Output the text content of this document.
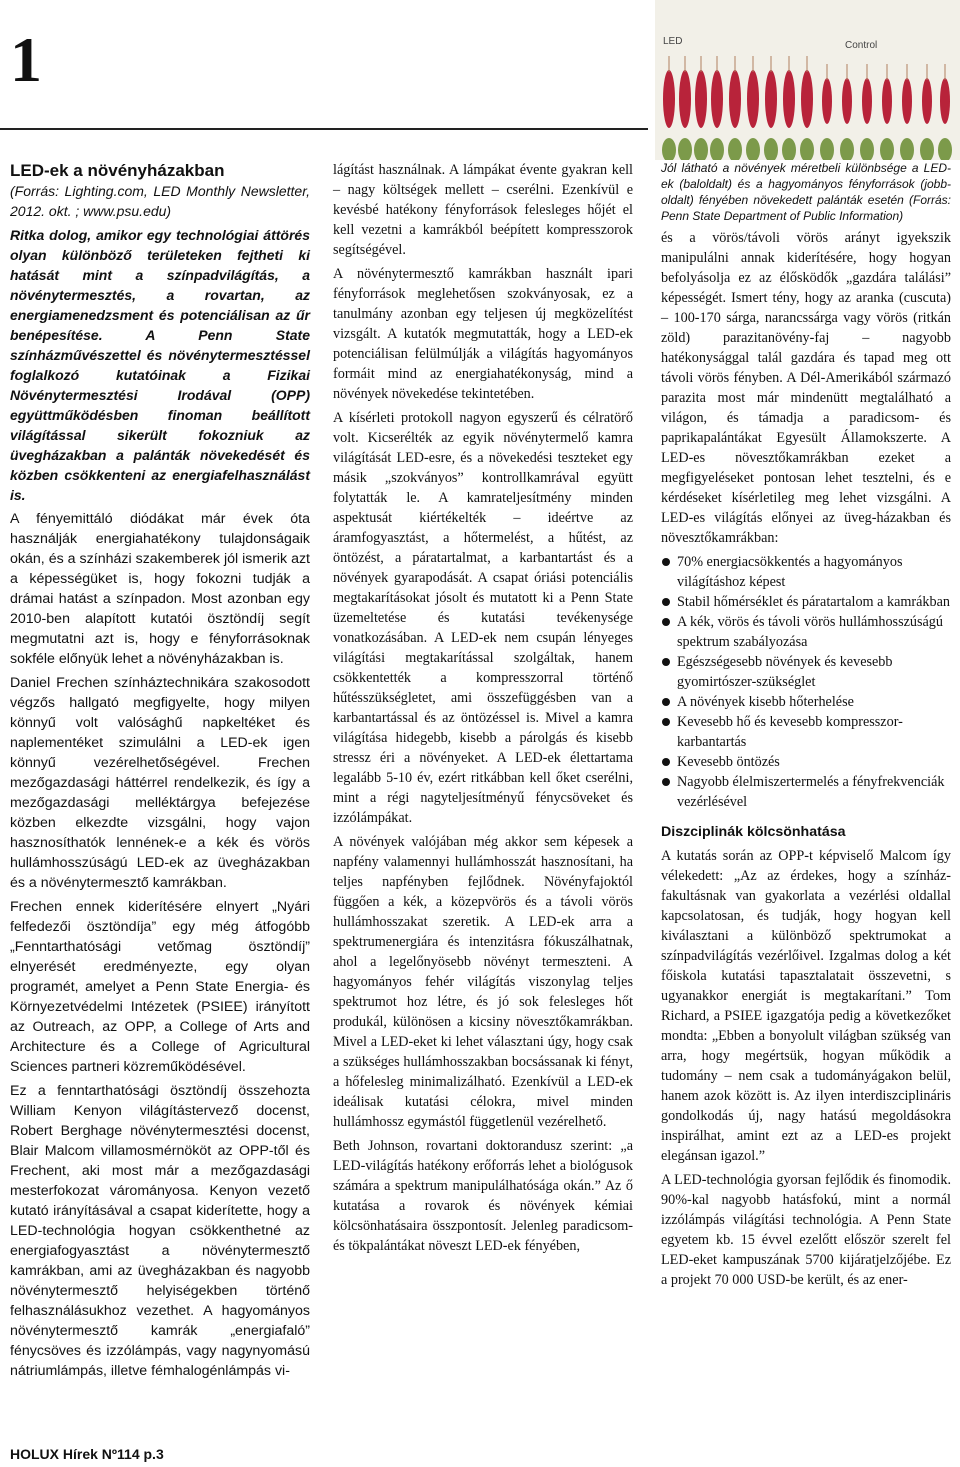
1	LED	Control
LED-ek a növényházakban

(Forrás: Lighting.com, LED Monthly Newsletter, 2012. okt. ; www.psu.edu)

Ritka dolog, amikor egy technológiai áttörés olyan különböző területeken fejtheti ki hatását mint a színpadvilágítás, a növénytermesztés, a rovartan, az energiamenedzsment és potenciálisan az űr benépesítése. A Penn State színházművészettel és növénytermesztéssel foglalkozó kutatóinak a Fizikai Növénytermesztési Irodával (OPP) együttműködésben finoman beállított világítással sikerült fokozniuk az üvegházakban a palánták növekedését és közben csökkenteni az energiafelhasználást is.

A fényemittáló diódákat már évek óta használják energiahatékony tulajdonságaik okán, és a színházi szakemberek jól ismerik azt a képességüket is, hogy fokozni tudják a drámai hatást a színpadon. Most azonban egy 2010-ben alapított kutatói ösztöndíj segít megmutatni azt is, hogy e fényforrásoknak sokféle előnyük lehet a növényházakban is.

Daniel Frechen színháztechnikára szakosodott végzős hallgató megfigyelte, hogy milyen könnyű volt valósághű napkeltéket és naplementéket szimulálni a LED-ek igen könnyű vezérelhetőségével. Frechen mezőgazdasági háttérrel rendelkezik, és így a mezőgazdasági melléktárgya befejezése közben elkezdte vizsgálni, hogy vajon hasznosíthatók lennének-e a kék és vörös hullámhosszúságú LED-ek az üvegházakban és a növénytermesztő kamrákban.

Frechen ennek kiderítésére elnyert „Nyári felfedezői ösztöndíja” egy még átfogóbb „Fenntarthatósági vetőmag ösztöndíj” elnyerését eredményezte, egy olyan programét, amelyet a Penn State Energia- és Környezetvédelmi Intézetek (PSIEE) irányított az Outreach, az OPP, a College of Arts and Architecture és a College of Agricultural Sciences partneri közreműködésével.

Ez a fenntarthatósági ösztöndíj összehozta William Kenyon világítástervező docenst, Robert Berghage növénytermesztési docenst, Blair Malcom villamosmérnököt az OPP-től és Frechent, aki most már a mezőgazdasági mesterfokozat várományosa. Kenyon vezető kutató irányításával a csapat kiderítette, hogy a LED-technológia hogyan csökkenthetné az energiafogyasztást a növénytermesztő kamrákban, ami az üvegházakban és nagyobb növénytermesztő helyiségekben történő felhasználásukhoz vezethet. A hagyományos növénytermesztő kamrák „energiafaló” fénycsöves és izzólámpás, vagy nagynyomású nátriumlámpás, illetve fémhalogénlámpás vi-

lágítást használnak. A lámpákat évente gyakran kell – nagy költségek mellett – cserélni. Ezenkívül e kevésbé hatékony fényforrások felesleges hőjét el kell vezetni a kamrákból beépített kompresszorok segítségével.

A növénytermesztő kamrákban használt ipari fényforrások meglehetősen szokványosak, ez a tanulmány azonban egy teljesen új megközelítést vizsgált. A kutatók megmutatták, hogy a LED-ek potenciálisan felülmúlják a világítás hagyományos formáit mind az energiahatékonyság, mind a növények növekedése tekintetében.

A kísérleti protokoll nagyon egyszerű és célratörő volt. Kicserélték az egyik növénytermelő kamra világítását LED-esre, és a növekedési teszteket egy másik „szokványos” kontrollkamrával együtt folytatták le. A kamrateljesítmény minden aspektusát kiértékelték – ideértve az áramfogyasztást, a hőtermelést, a hűtést, az öntözést, a páratartalmat, a karbantartást és a növények gyarapodását. A csapat óriási potenciális megtakarításokat jósolt és mutatott ki a Penn State üzemeltetése és kutatási tevékenysége vonatkozásában. A LED-ek nem csupán lényeges világítási megtakarítással szolgáltak, hanem csökkentették a kompresszorral történő hűtésszükségletet, ami összefüggésben van a karbantartással és az öntözéssel is. Mivel a kamra világítása hidegebb, kisebb a párolgás és kisebb stressz éri a növényeket. A LED-ek élettartama legalább 5-10 év, ezért ritkábban kell őket cserélni, mint a régi nagyteljesítményű fénycsöveket és izzólámpákat.

A növények valójában még akkor sem képesek a napfény valamennyi hullámhosszát hasznosítani, ha teljes napfényben fejlődnek. Növényfajoktól függően a kék, a közepvörös és a távoli vörös hullámhosszakat szeretik. A LED-ek arra a spektrumenergiára és intenzitásra fókuszálhatnak, ahol a legelőnyösebb növényt termeszteni. A hagyományos fehér világítás viszonylag teljes spektrumot hoz létre, és jó sok felesleges hőt produkál, különösen a kicsiny növesztőkamrákban. Mivel a LED-eket ki lehet választani úgy, hogy csak a szükséges hullámhosszakban bocsássanak ki fényt, a hőfelesleg minimalizálható. Ezenkívül a LED-ek ideálisak kutatási célokra, mivel minden hullámhossz egymástól függetlenül vezérelhető.

Beth Johnson, rovartani doktorandusz szerint: „a LED-világítás hatékony erőforrás lehet a biológusok számára a spektrum manipulálhatósága okán.” Az ő kutatása a rovarok és növények kémiai kölcsönhatásaira összpontosít. Jelenleg paradicsom- és tökpalántákat növeszt LED-ek fényében,

Jól látható a növények méretbeli különbsége a LED-ek (baloldalt) és a hagyományos fényforrások (jobb-oldalt) fényében növekedett palánták esetén (Forrás: Penn State Department of Public Information)

és a vörös/távoli vörös arányt igyekszik manipulálni annak kiderítésére, hogy hogyan befolyásolja ez az élősködők „gazdára találási” képességét. Ismert tény, hogy az aranka (cuscuta) – 100-170 sárga, narancssárga vagy vörös (ritkán zöld) parazitanövény-faj – nagyobb hatékonysággal talál gazdára és tapad meg ott távoli vörös fényben. A Dél-Amerikából származó parazita most már mindenütt megtalálható a világon, és támadja a paradicsom- és paprikapalántákat Egyesült Államokszerte. A LED-es növesztőkamrákban ezeket a megfigyeléseket pontosan lehet tesztelni, és e kérdéseket kísérletileg meg lehet vizsgálni. A LED-es világítás előnyei az üveg-házakban és növesztőkamrákban:

70% energiacsökkentés a hagyományos világításhoz képest
Stabil hőmérséklet és páratartalom a kamrákban
A kék, vörös és távoli vörös hullámhosszúságú spektrum szabályozása
Egészségesebb növények és kevesebb gyomirtószer-szükséglet
A növények kisebb hőterhelése
Kevesebb hő és kevesebb kompresszor-karbantartás
Kevesebb öntözés
Nagyobb élelmiszertermelés a fényfrekvenciák vezérlésével

Diszciplinák kölcsönhatása

A kutatás során az OPP-t képviselő Malcom így vélekedett: „Az az érdekes, hogy a színház-fakultásnak van gyakorlata a vezérlési oldallal kapcsolatosan, és tudják, hogy hogyan kell kiválasztani a különböző spektrumokat a színpadvilágítás vezérlőivel. Izgalmas dolog a két főiskola kutatási tapasztalatait összevetni, s ugyanakkor energiát is megtakarítani.” Tom Richard, a PSIEE igazgatója pedig a következőket mondta: „Ebben a bonyolult világban szükség van arra, hogy megértsük, hogyan működik a tudomány – nem csak a tudományágakon belül, hanem azok között is. Az ilyen interdiszciplináris gondolkodás új, nagy hatású megoldásokra inspirálhat, amint ezt az a LED-es projekt elegánsan igazol.”

A LED-technológia gyorsan fejlődik és finomodik. 90%-kal nagyobb hatásfokú, mint a normál izzólámpás világítási technológia. A Penn State egyetem kb. 15 évvel ezelőtt először szerelt fel LED-eket kampuszának 5700 kijáratjelzőjébe. Ez a projekt 70 000 USD-be került, és az ener-

HOLUX Hírek Nº114 p.3
